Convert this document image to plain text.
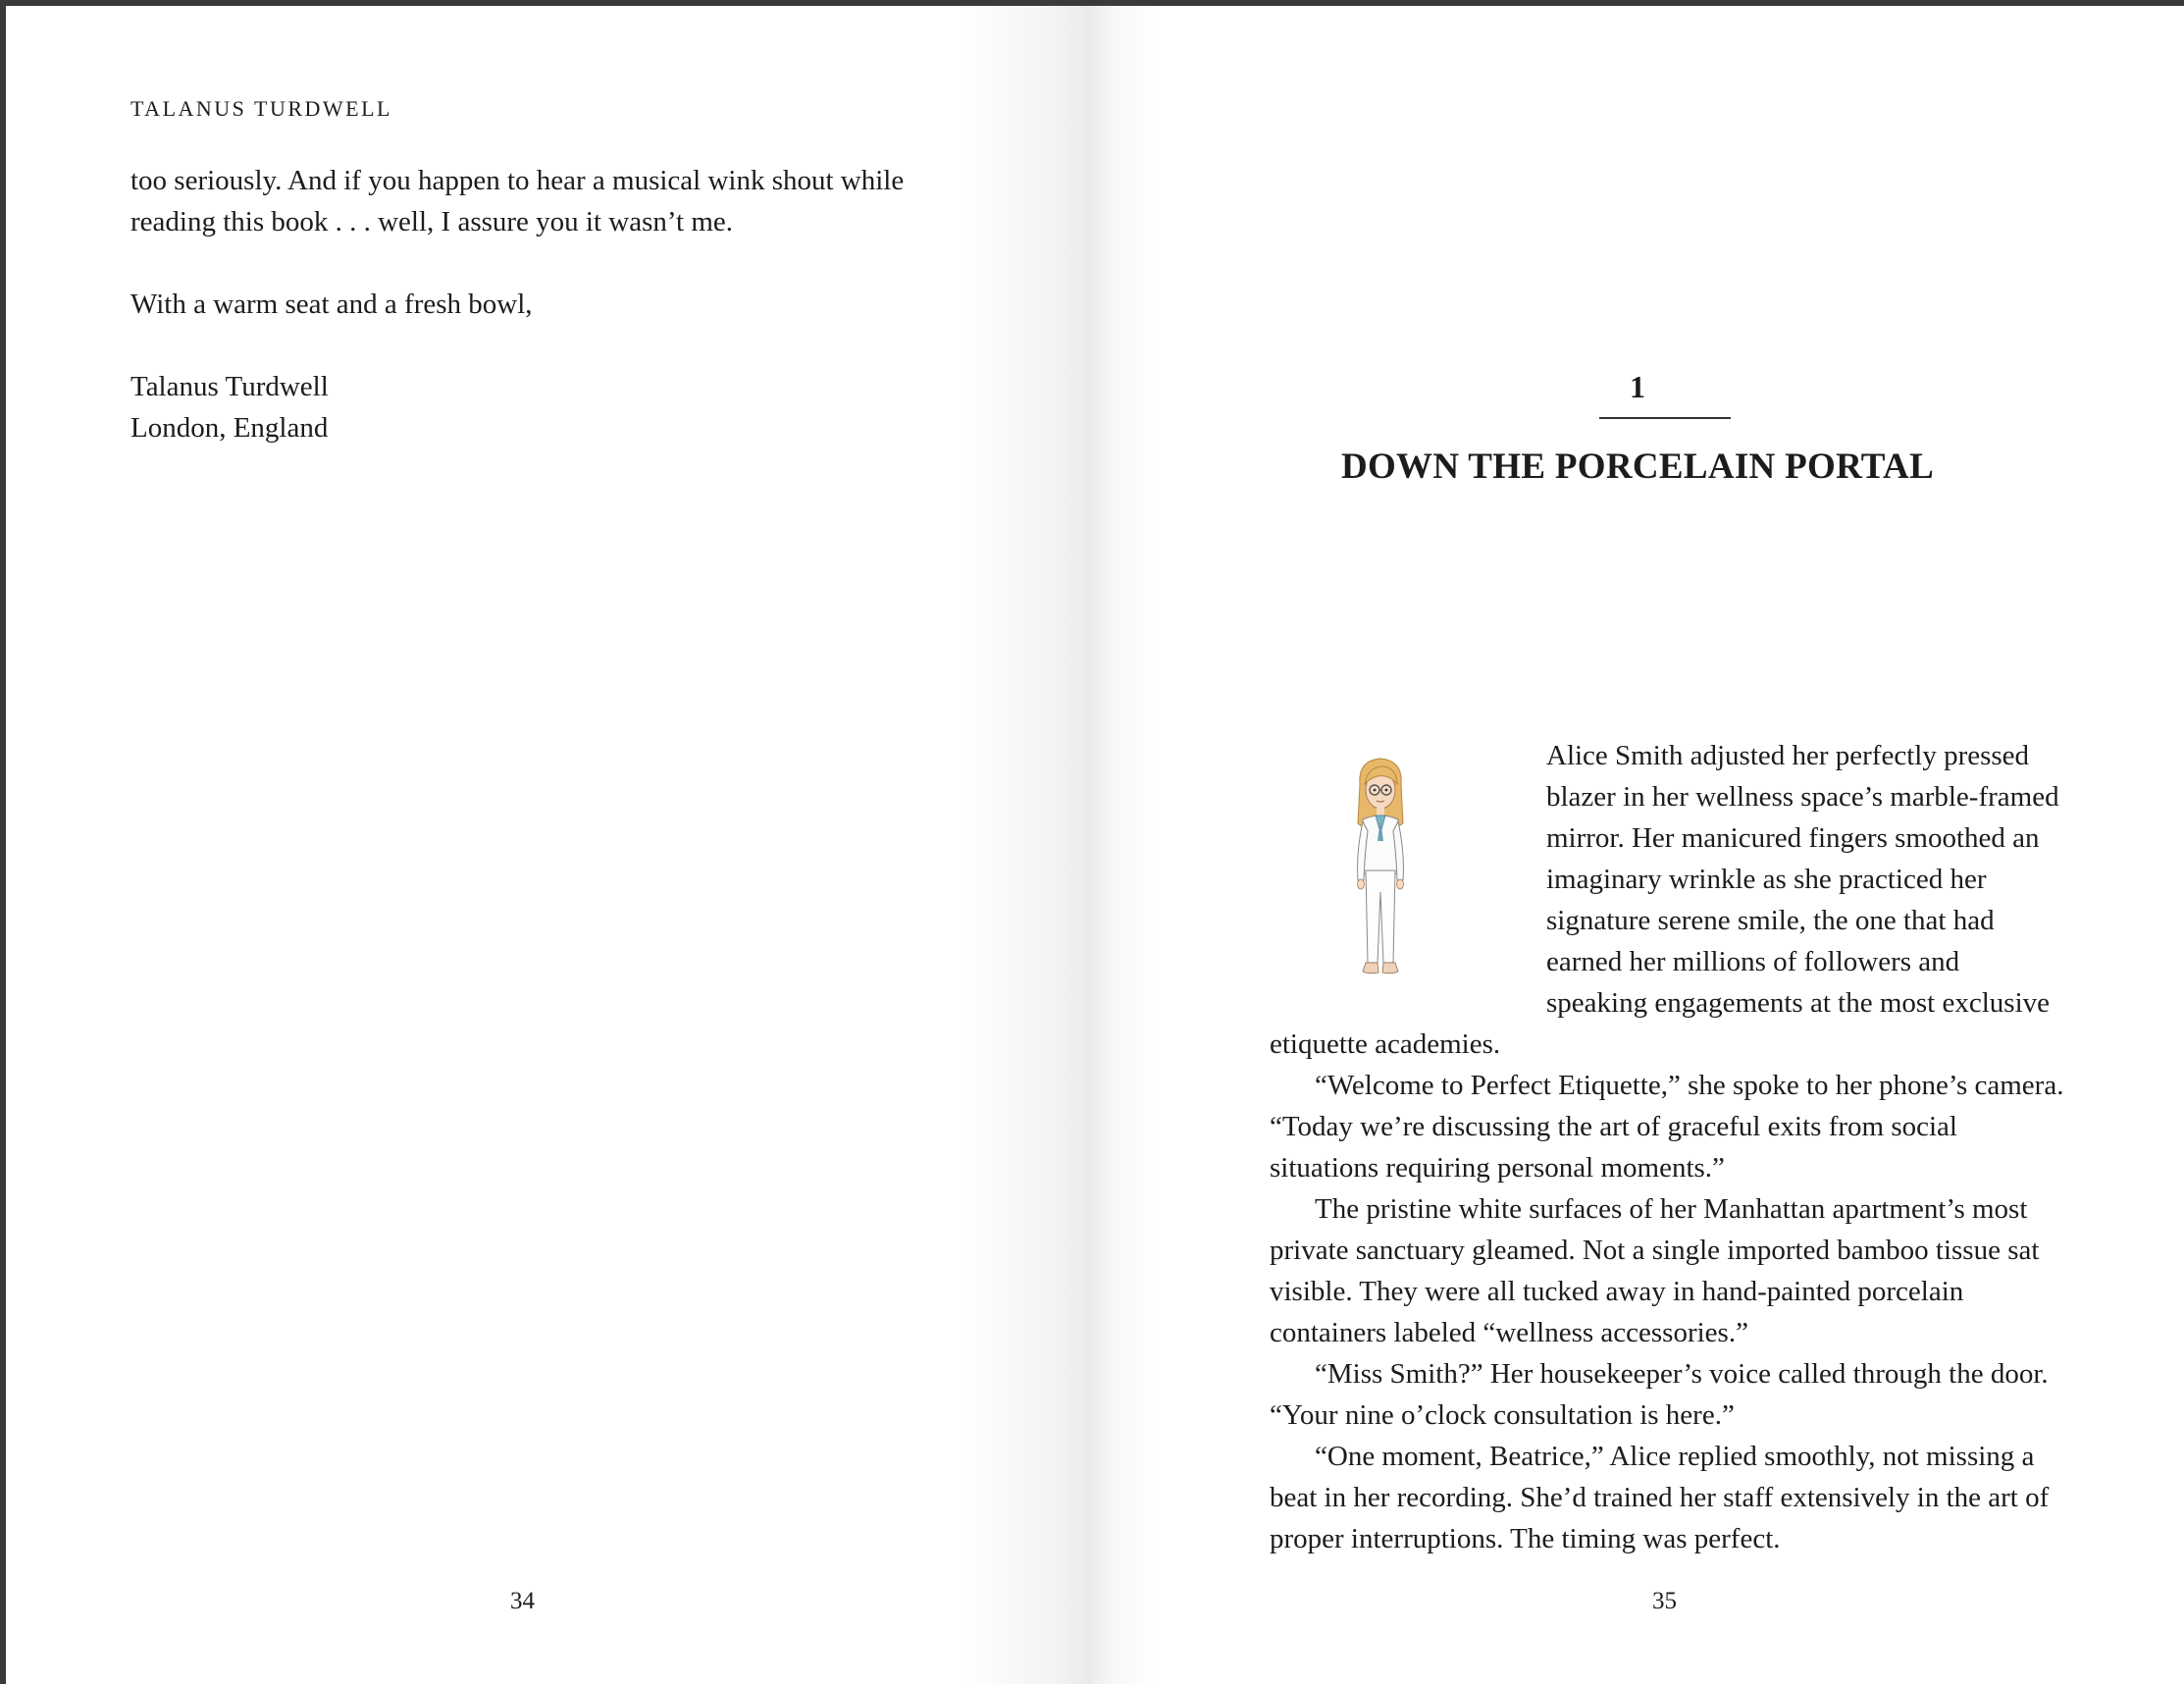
TALANUS TURDWELL

too seriously. And if you happen to hear a musical wink shout while reading this book . . . well, I assure you it wasn’t me.

With a warm seat and a fresh bowl,

Talanus Turdwell
London, England
34
1
DOWN THE PORCELAIN PORTAL

Alice Smith adjusted her perfectly pressed blazer in her wellness space’s marble-framed mirror. Her manicured fingers smoothed an imaginary wrinkle as she practiced her signature serene smile, the one that had earned her millions of followers and speaking engagements at the most exclusive etiquette academies.

“Welcome to Perfect Etiquette,” she spoke to her phone’s camera. “Today we’re discussing the art of graceful exits from social situations requiring personal moments.”

The pristine white surfaces of her Manhattan apartment’s most private sanctuary gleamed. Not a single imported bamboo tissue sat visible. They were all tucked away in hand-painted porcelain containers labeled “wellness accessories.”

“Miss Smith?” Her housekeeper’s voice called through the door. “Your nine o’clock consultation is here.”

“One moment, Beatrice,” Alice replied smoothly, not missing a beat in her recording. She’d trained her staff extensively in the art of proper interruptions. The timing was perfect.

35
